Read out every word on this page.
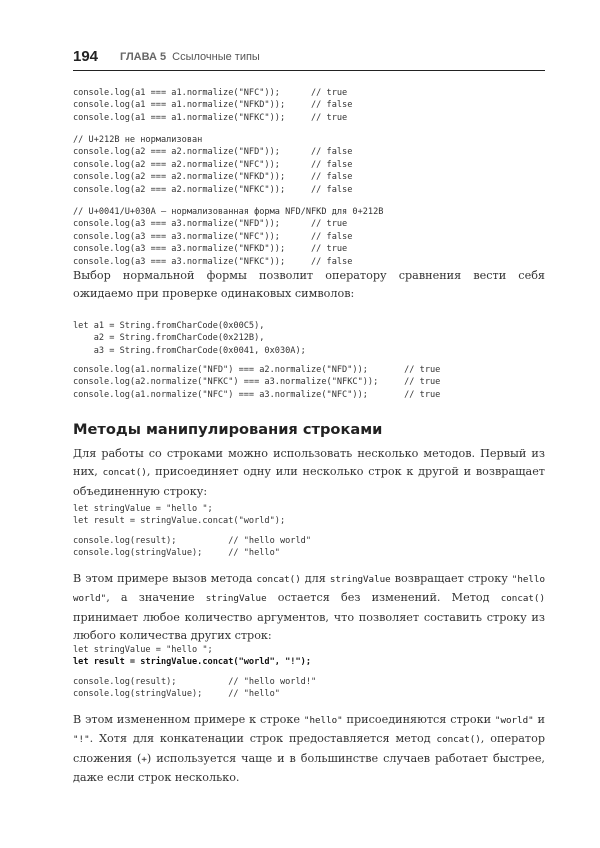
194 ГЛАВА 5 Ссылочные типы
console.log(a1 === a1.normalize("NFC"));      // true
console.log(a1 === a1.normalize("NFKD"));     // false
console.log(a1 === a1.normalize("NFKC"));     // true
// U+212B не нормализован
console.log(a2 === a2.normalize("NFD"));      // false
console.log(a2 === a2.normalize("NFC"));      // false
console.log(a2 === a2.normalize("NFKD"));     // false
console.log(a2 === a2.normalize("NFKC"));     // false
// U+0041/U+030A – нормализованная форма NFD/NFKD для 0+212B
console.log(a3 === a3.normalize("NFD"));      // true
console.log(a3 === a3.normalize("NFC"));      // false
console.log(a3 === a3.normalize("NFKD"));     // true
console.log(a3 === a3.normalize("NFKC"));     // false

Выбор нормальной формы позволит оператору сравнения вести себя ожидаемо при проверке одинаковых символов:

let a1 = String.fromCharCode(0x00C5),
a2 = String.fromCharCode(0x212B),
a3 = String.fromCharCode(0x0041, 0x030A);
console.log(a1.normalize("NFD") === a2.normalize("NFD"));       // true
console.log(a2.normalize("NFKC") === a3.normalize("NFKC"));     // true
console.log(a1.normalize("NFC") === a3.normalize("NFC"));       // true
Методы манипулирования строками

Для работы со строками можно использовать несколько методов. Первый из них, concat(), присоединяет одну или несколько строк к другой и возвращает объединенную строку:

let stringValue = "hello ";
let result = stringValue.concat("world");
console.log(result);          // "hello world"
console.log(stringValue);     // "hello"

В этом примере вызов метода concat() для stringValue возвращает строку "hello world", а значение stringValue остается без изменений. Метод concat() принимает любое количество аргументов, что позволяет составить строку из любого количества других строк:

let stringValue = "hello ";
let result = stringValue.concat("world", "!");
console.log(result);          // "hello world!"
console.log(stringValue);     // "hello"

В этом измененном примере к строке "hello" присоединяются строки "world" и "!". Хотя для конкатенации строк предоставляется метод concat(), оператор сложения (+) используется чаще и в большинстве случаев работает быстрее, даже если строк несколько.
